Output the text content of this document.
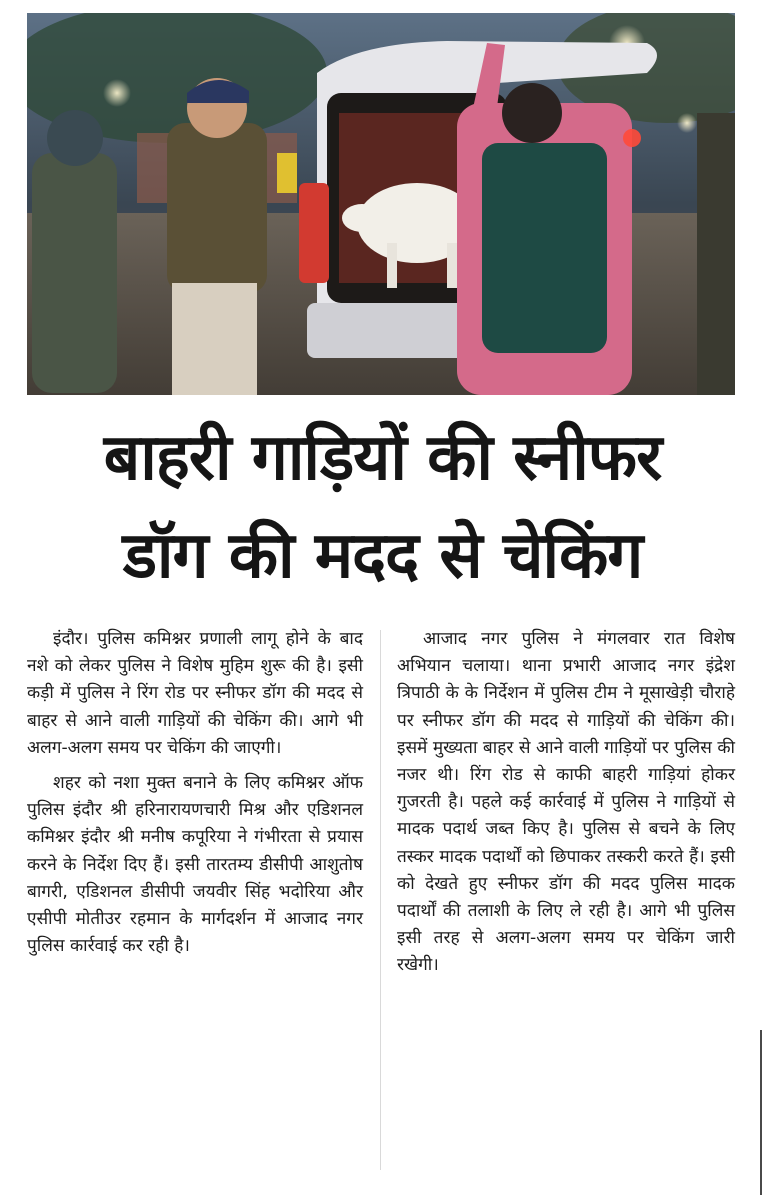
बाहरी गाड़ियों की स्नीफर
डॉग की मदद से चेकिंग

इंदौर। पुलिस कमिश्नर प्रणाली लागू होने के बाद नशे को लेकर पुलिस ने विशेष मुहिम शुरू की है। इसी कड़ी में पुलिस ने रिंग रोड पर स्नीफर डॉग की मदद से बाहर से आने वाली गाड़ियों की चेकिंग की। आगे भी अलग-अलग समय पर चेकिंग की जाएगी।

शहर को नशा मुक्त बनाने के लिए कमिश्नर ऑफ पुलिस इंदौर श्री हरिनारायणचारी मिश्र और एडिशनल कमिश्नर इंदौर श्री मनीष कपूरिया ने गंभीरता से प्रयास करने के निर्देश दिए हैं। इसी तारतम्य डीसीपी आशुतोष बागरी, एडिशनल डीसीपी जयवीर सिंह भदोरिया और एसीपी मोतीउर रहमान के मार्गदर्शन में आजाद नगर पुलिस कार्रवाई कर रही है।

आजाद नगर पुलिस ने मंगलवार रात विशेष अभियान चलाया। थाना प्रभारी आजाद नगर इंद्रेश त्रिपाठी के के निर्देशन में पुलिस टीम ने मूसाखेड़ी चौराहे पर स्नीफर डॉग की मदद से गाड़ियों की चेकिंग की। इसमें मुख्यता बाहर से आने वाली गाड़ियों पर पुलिस की नजर थी। रिंग रोड से काफी बाहरी गाड़ियां होकर गुजरती है। पहले कई कार्रवाई में पुलिस ने गाड़ियों से मादक पदार्थ जब्त किए है। पुलिस से बचने के लिए तस्कर मादक पदार्थों को छिपाकर तस्करी करते हैं। इसी को देखते हुए स्नीफर डॉग की मदद पुलिस मादक पदार्थों की तलाशी के लिए ले रही है। आगे भी पुलिस इसी तरह से अलग-अलग समय पर चेकिंग जारी रखेगी।
